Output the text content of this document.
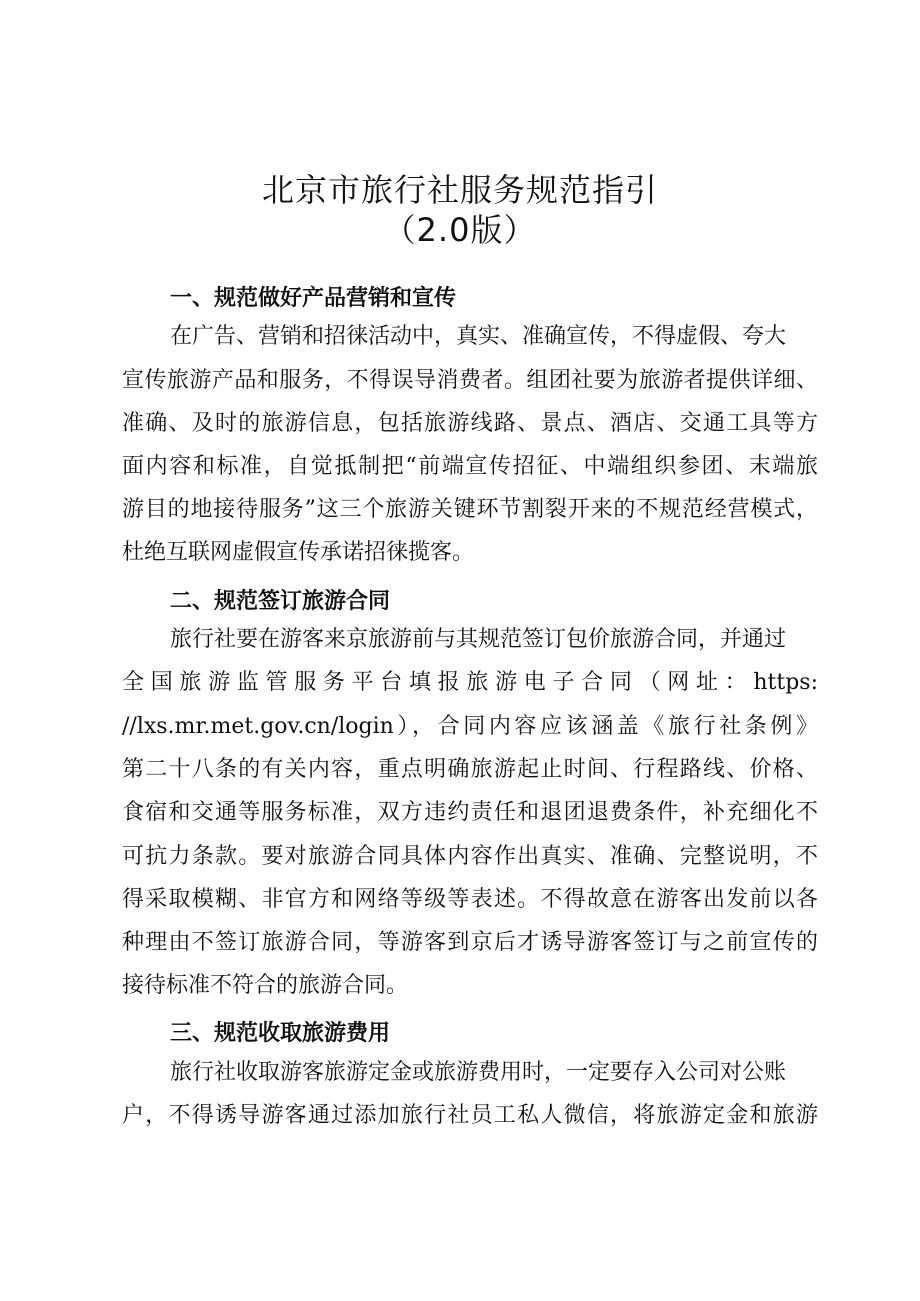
北京市旅行社服务规范指引
（2.0版）
一、规范做好产品营销和宣传

在广告、营销和招徕活动中，真实、准确宣传，不得虚假、夸大

宣传旅游产品和服务，不得误导消费者。组团社要为旅游者提供详细、

准确、及时的旅游信息，包括旅游线路、景点、酒店、交通工具等方

面内容和标准，自觉抵制把“前端宣传招征、中端组织参团、末端旅

游目的地接待服务”这三个旅游关键环节割裂开来的不规范经营模式，

杜绝互联网虚假宣传承诺招徕揽客。

二、规范签订旅游合同

旅行社要在游客来京旅游前与其规范签订包价旅游合同，并通过

全国旅游监管服务平台填报旅游电子合同（网址：https:

//lxs.mr.met.gov.cn/login），合同内容应该涵盖《旅行社条例》

第二十八条的有关内容，重点明确旅游起止时间、行程路线、价格、

食宿和交通等服务标准，双方违约责任和退团退费条件，补充细化不

可抗力条款。要对旅游合同具体内容作出真实、准确、完整说明，不

得采取模糊、非官方和网络等级等表述。不得故意在游客出发前以各

种理由不签订旅游合同，等游客到京后才诱导游客签订与之前宣传的

接待标准不符合的旅游合同。

三、规范收取旅游费用

旅行社收取游客旅游定金或旅游费用时，一定要存入公司对公账

户，不得诱导游客通过添加旅行社员工私人微信，将旅游定金和旅游
